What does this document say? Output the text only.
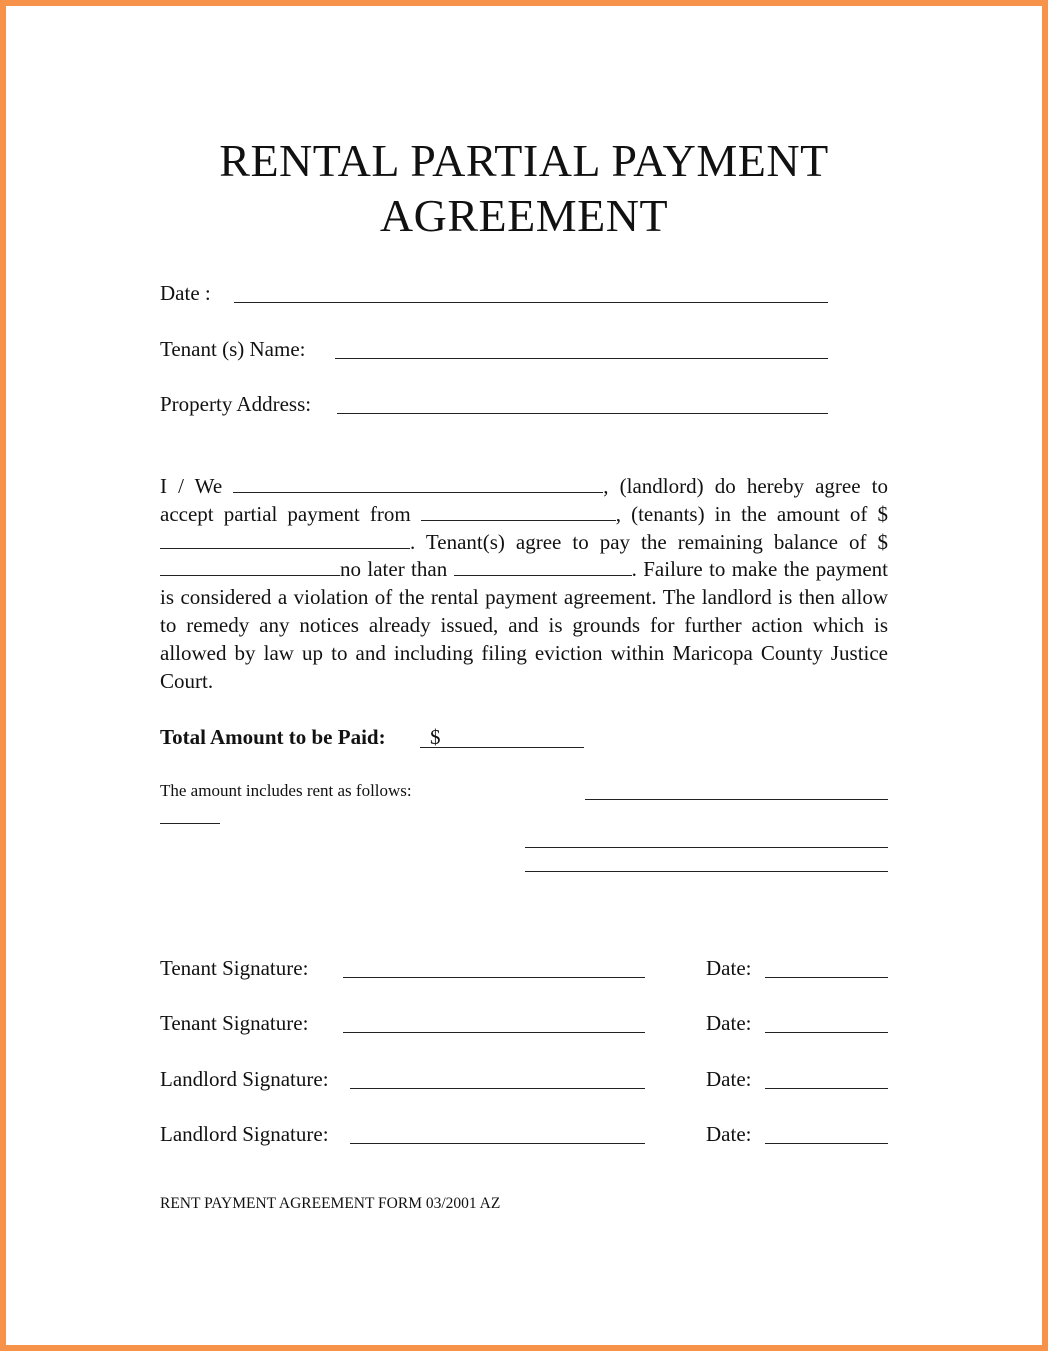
RENTAL PARTIAL PAYMENT
AGREEMENT
Date :
Tenant (s) Name:
Property Address:
I / We	, (landlord) do hereby agree to accept partial payment from	, (tenants) in the amount of $ . Tenant(s) agree to pay the remaining balance of $ no later than	. Failure to make the payment is considered a violation of the rental payment agreement. The landlord is then allow to remedy any notices already issued, and is grounds for further action which is allowed by law up to and including filing eviction within Maricopa County Justice Court.
Total Amount to be Paid: $
The amount includes rent as follows:
Tenant Signature:	Date:
Tenant Signature:	Date:
Landlord Signature:	Date:
Landlord Signature:	Date:
RENT PAYMENT AGREEMENT FORM 03/2001 AZ
